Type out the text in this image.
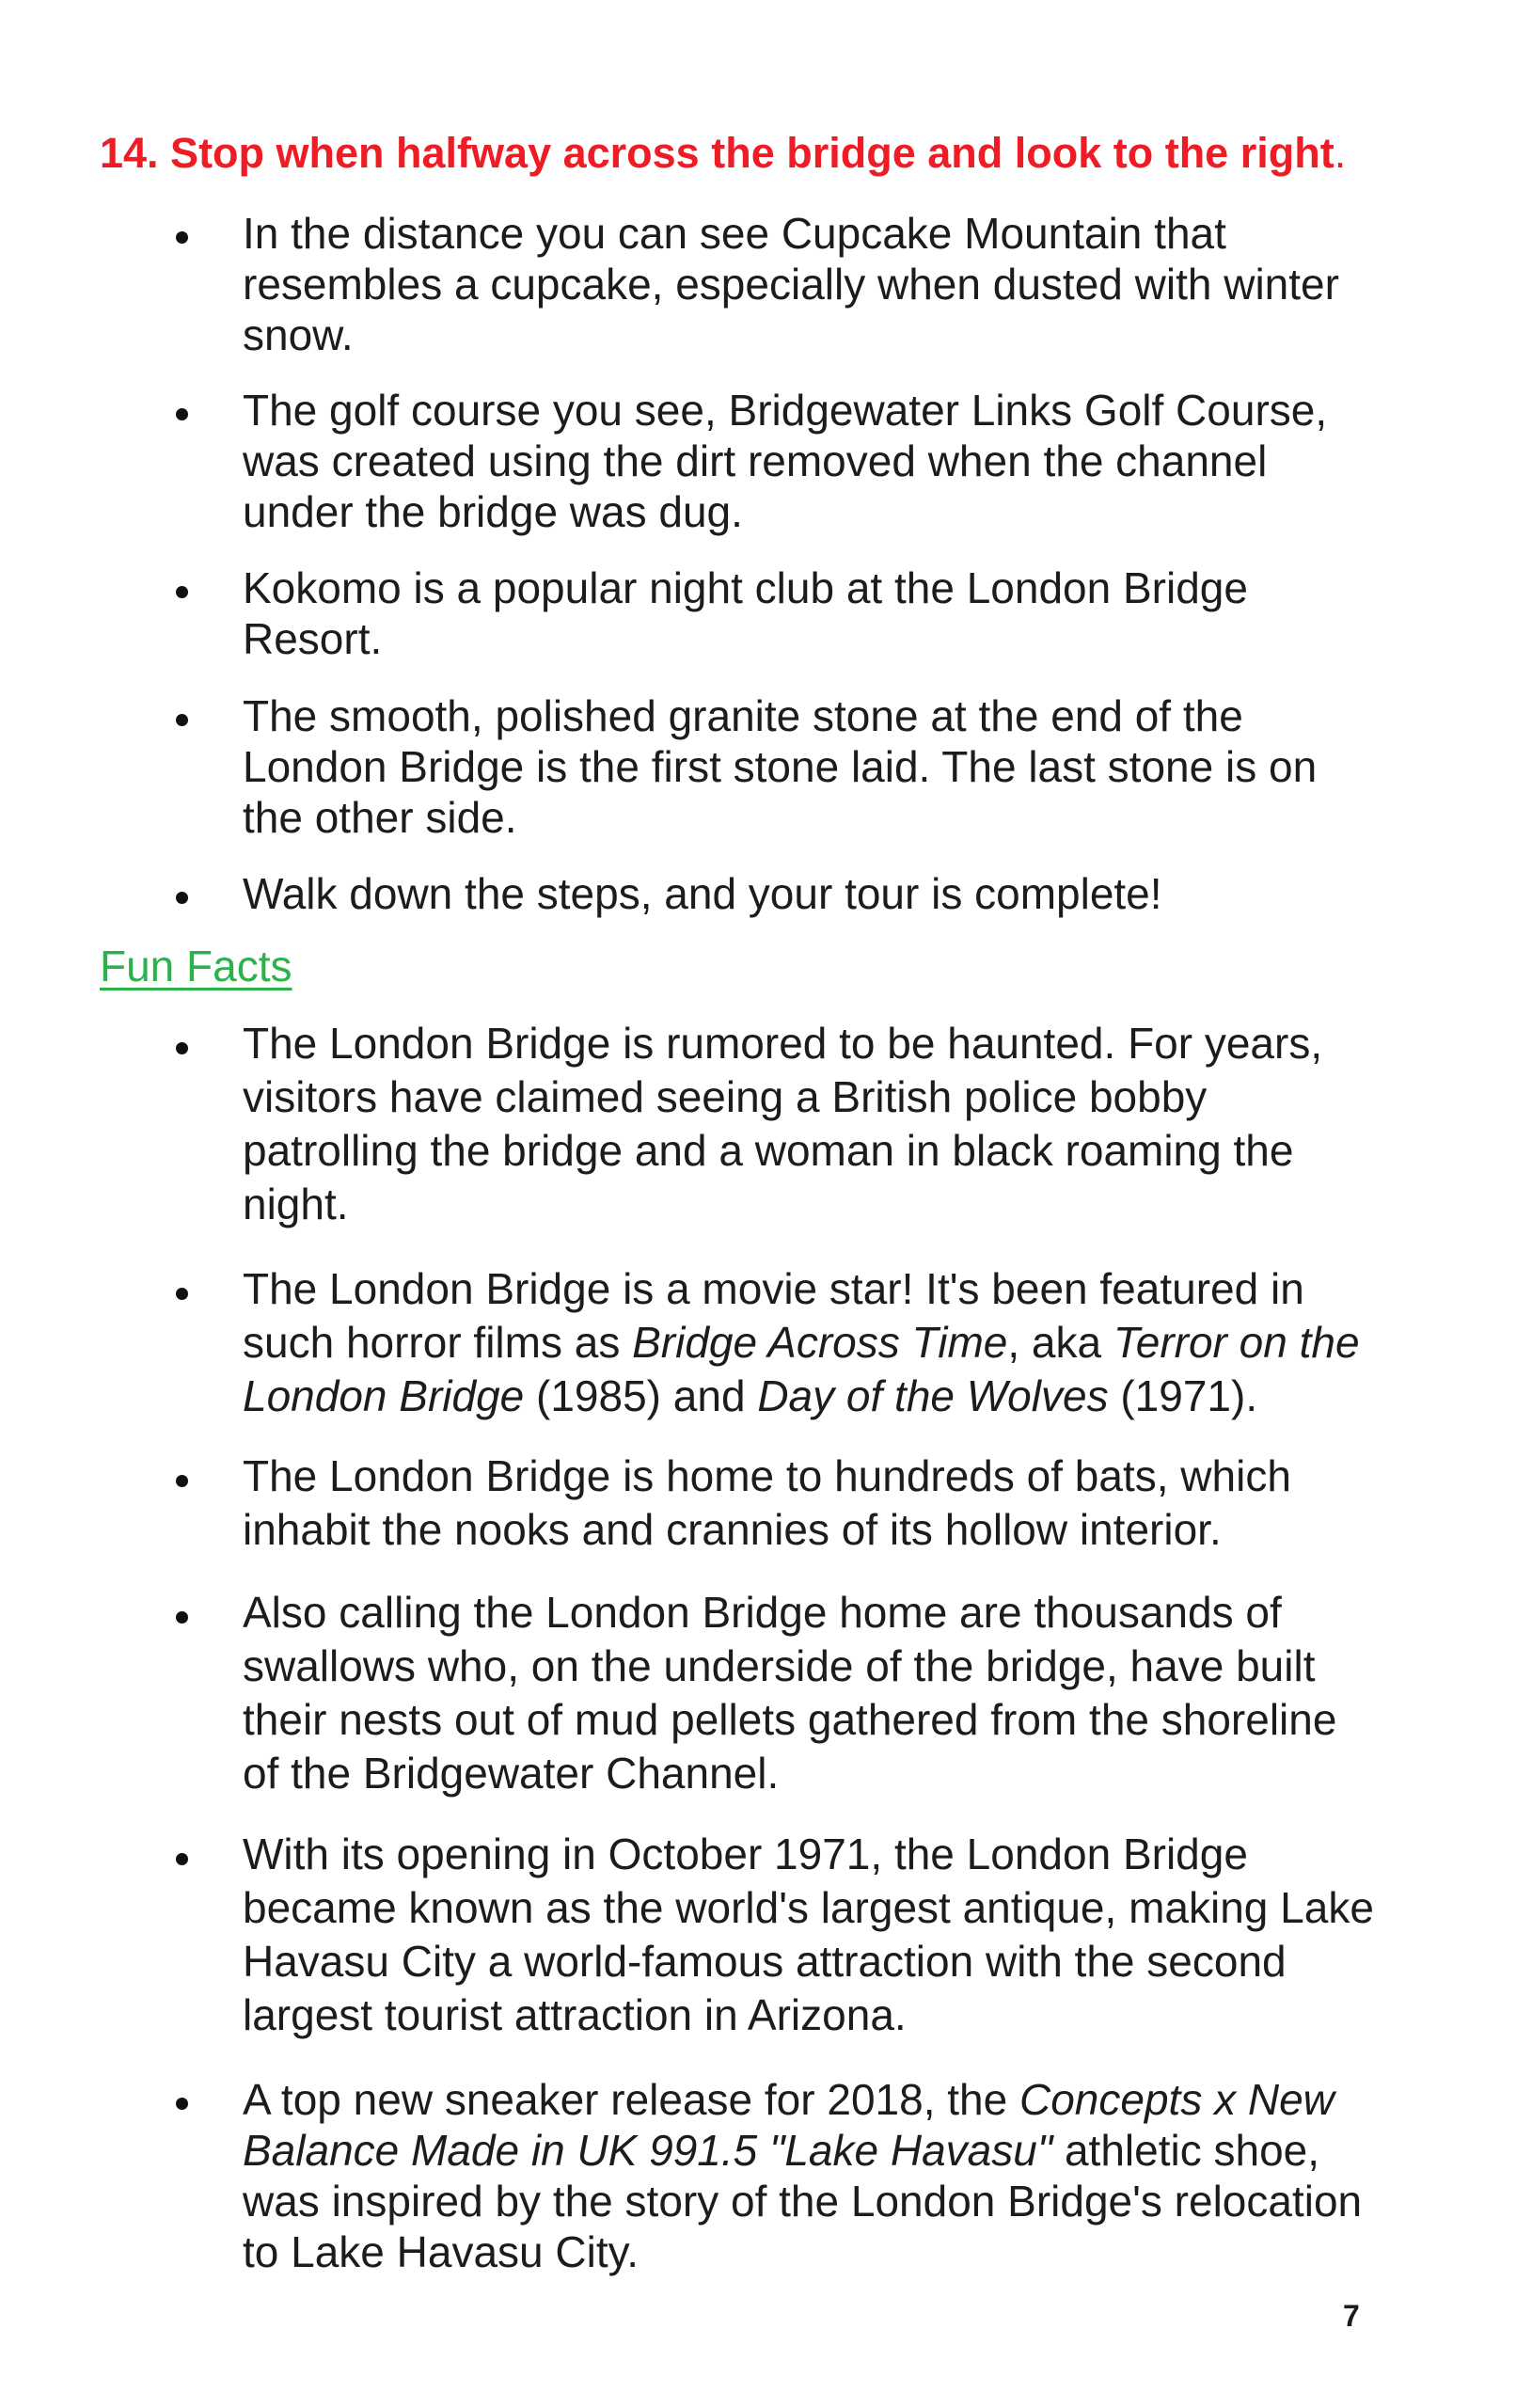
14. Stop when halfway across the bridge and look to the right.
In the distance you can see Cupcake Mountain that
resembles a cupcake, especially when dusted with winter
snow.
The golf course you see, Bridgewater Links Golf Course,
was created using the dirt removed when the channel
under the bridge was dug.
Kokomo is a popular night club at the London Bridge
Resort.
The smooth, polished granite stone at the end of the
London Bridge is the first stone laid. The last stone is on
the other side.
Walk down the steps, and your tour is complete!
Fun Facts
The London Bridge is rumored to be haunted. For years,
visitors have claimed seeing a British police bobby
patrolling the bridge and a woman in black roaming the
night.
The London Bridge is a movie star! It's been featured in
such horror films as Bridge Across Time, aka Terror on the
London Bridge (1985) and Day of the Wolves (1971).
The London Bridge is home to hundreds of bats, which
inhabit the nooks and crannies of its hollow interior.
Also calling the London Bridge home are thousands of
swallows who, on the underside of the bridge, have built
their nests out of mud pellets gathered from the shoreline
of the Bridgewater Channel.
With its opening in October 1971, the London Bridge
became known as the world's largest antique, making Lake
Havasu City a world-famous attraction with the second
largest tourist attraction in Arizona.
A top new sneaker release for 2018, the Concepts x New
Balance Made in UK 991.5 "Lake Havasu" athletic shoe,
was inspired by the story of the London Bridge's relocation
to Lake Havasu City.
7
